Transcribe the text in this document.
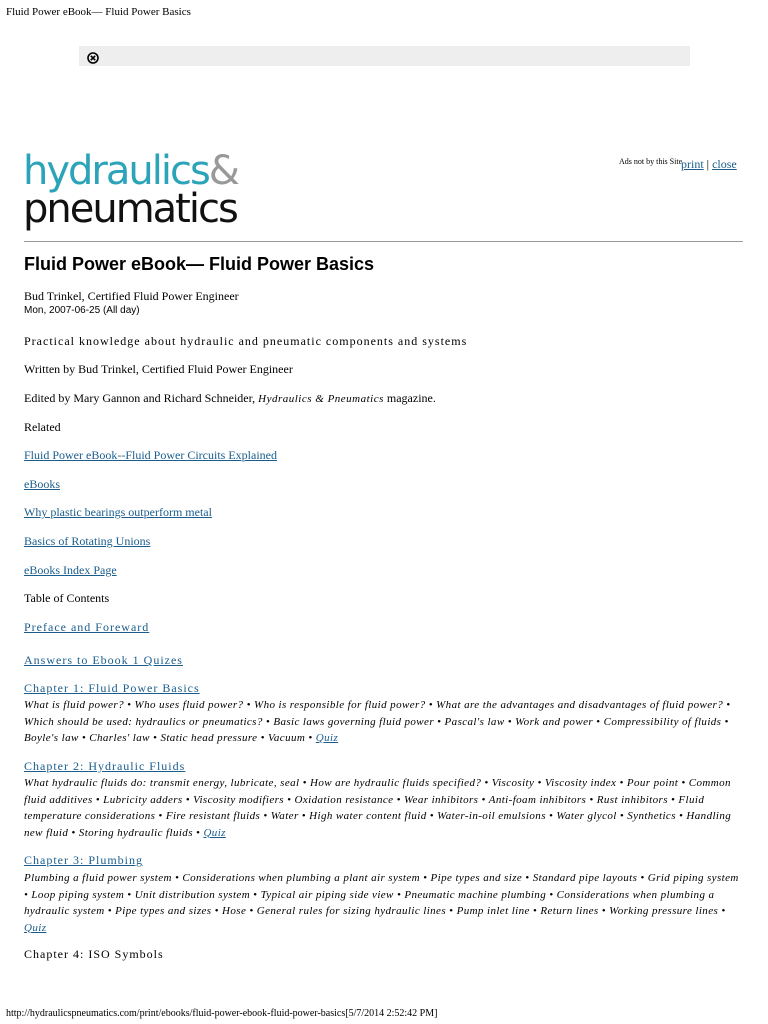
Fluid Power eBook— Fluid Power Basics
hydraulics&
pneumatics
Ads not by this Site
print | close
Fluid Power eBook— Fluid Power Basics
Bud Trinkel, Certified Fluid Power Engineer
Mon, 2007-06-25 (All day)
Practical knowledge about hydraulic and pneumatic components and systems
Written by Bud Trinkel, Certified Fluid Power Engineer
Edited by Mary Gannon and Richard Schneider, Hydraulics & Pneumatics magazine.
Related
Fluid Power eBook--Fluid Power Circuits Explained
eBooks
Why plastic bearings outperform metal
Basics of Rotating Unions
eBooks Index Page
Table of Contents
Preface and Foreward
Answers to Ebook 1 Quizes
Chapter 1: Fluid Power Basics
What is fluid power? • Who uses fluid power? • Who is responsible for fluid power? • What are the advantages and disadvantages of fluid power? • Which should be used: hydraulics or pneumatics? • Basic laws governing fluid power • Pascal's law • Work and power • Compressibility of fluids • Boyle's law • Charles' law • Static head pressure • Vacuum • Quiz
Chapter 2: Hydraulic Fluids
What hydraulic fluids do: transmit energy, lubricate, seal • How are hydraulic fluids specified? • Viscosity • Viscosity index • Pour point • Common fluid additives • Lubricity adders • Viscosity modifiers • Oxidation resistance • Wear inhibitors • Anti-foam inhibitors • Rust inhibitors • Fluid temperature considerations • Fire resistant fluids • Water • High water content fluid • Water-in-oil emulsions • Water glycol • Synthetics • Handling new fluid • Storing hydraulic fluids • Quiz
Chapter 3: Plumbing
Plumbing a fluid power system • Considerations when plumbing a plant air system • Pipe types and size • Standard pipe layouts • Grid piping system • Loop piping system • Unit distribution system • Typical air piping side view • Pneumatic machine plumbing • Considerations when plumbing a hydraulic system • Pipe types and sizes • Hose • General rules for sizing hydraulic lines • Pump inlet line • Return lines • Working pressure lines • Quiz
Chapter 4: ISO Symbols
http://hydraulicspneumatics.com/print/ebooks/fluid-power-ebook-fluid-power-basics[5/7/2014 2:52:42 PM]
